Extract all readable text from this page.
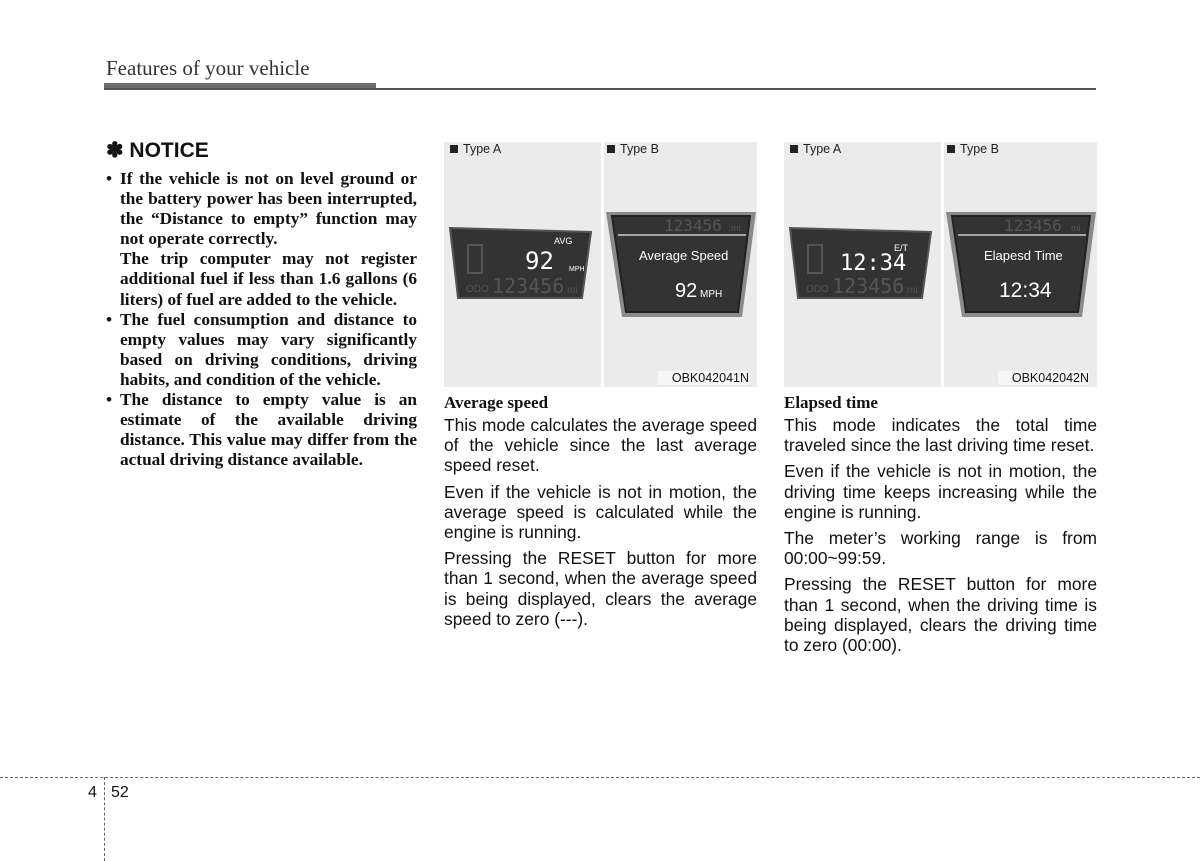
Features of your vehicle
✽ NOTICE

• If the vehicle is not on level ground or the battery power has been interrupted, the “Distance to empty” function may not operate correctly.

The trip computer may not register additional fuel if less than 1.6 gallons (6 liters) of fuel are added to the vehicle.

• The fuel consumption and distance to empty values may vary significantly based on driving conditions, driving habits, and condition of the vehicle.

• The distance to empty value is an estimate of the available driving distance. This value may differ from the actual driving distance available.

AVG
92 MPH
ODO 123456 mi
123456 mi
Average Speed
92 MPH
Type A	Type B
OBK042041N
Average speed

This mode calculates the average speed of the vehicle since the last average speed reset.

Even if the vehicle is not in motion, the average speed is calculated while the engine is running.

Pressing the RESET button for more than 1 second, when the average speed is being displayed, clears the average speed to zero (---).

E/T
12:34
ODO 123456 mi
123456 mi
Elapesd Time
12:34
Type A	Type B
OBK042042N
Elapsed time

This mode indicates the total time traveled since the last driving time reset.

Even if the vehicle is not in motion, the driving time keeps increasing while the engine is running.

The meter’s working range is from 00:00~99:59.

Pressing the RESET button for more than 1 second, when the driving time is being displayed, clears the driving time to zero (00:00).

4 52
